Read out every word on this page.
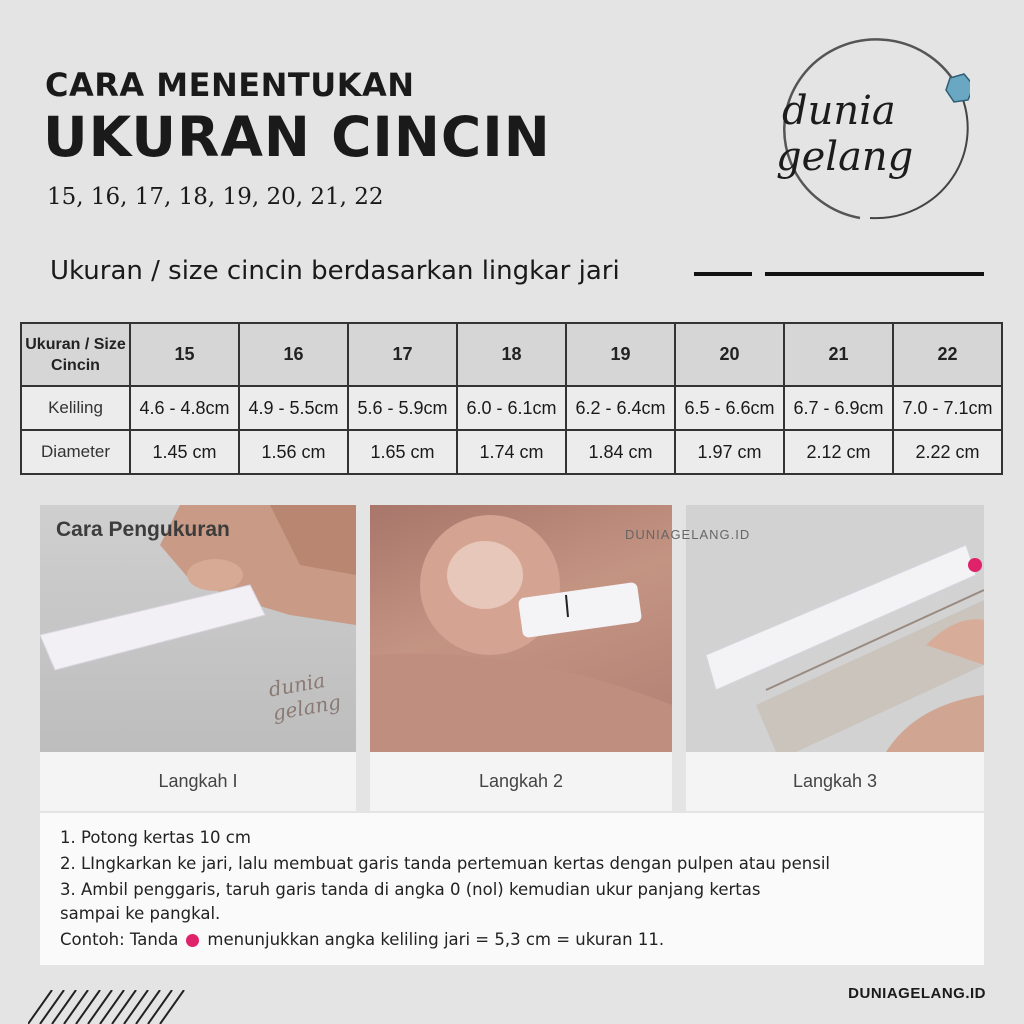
CARA MENENTUKAN
UKURAN CINCIN
15, 16, 17, 18, 19, 20, 21, 22
Ukuran / size cincin berdasarkan lingkar jari
dunia
gelang
Ukuran / Size Cincin	15	16	17	18	19	20	21	22
Keliling	4.6 - 4.8cm	4.9 - 5.5cm	5.6 - 5.9cm	6.0 - 6.1cm	6.2 - 6.4cm	6.5 - 6.6cm	6.7 - 6.9cm	7.0 - 7.1cm
Diameter	1.45 cm	1.56 cm	1.65 cm	1.74 cm	1.84 cm	1.97 cm	2.12 cm	2.22 cm
Langkah I	Langkah 2	Langkah 3
Cara Pengukuran	DUNIAGELANG.ID
dunia gelang
1. Potong kertas 10 cm
2. LIngkarkan ke jari, lalu membuat garis tanda pertemuan kertas dengan pulpen atau pensil
3. Ambil penggaris, taruh garis tanda di angka 0 (nol) kemudian ukur panjang kertas
sampai ke pangkal.
Contoh: Tanda menunjukkan angka keliling jari = 5,3 cm = ukuran 11.
DUNIAGELANG.ID
